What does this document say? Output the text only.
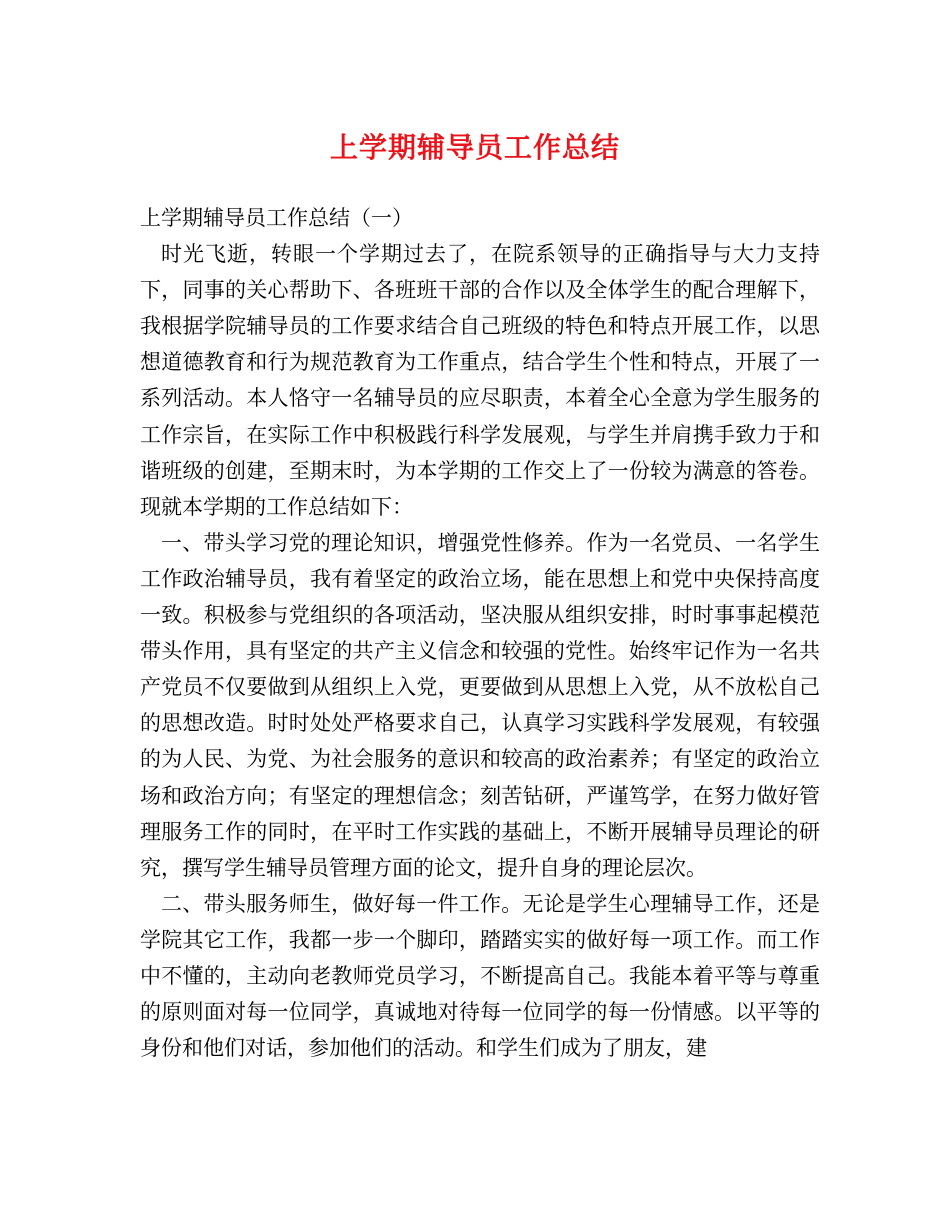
上学期辅导员工作总结

上学期辅导员工作总结（一）

时光飞逝，转眼一个学期过去了，在院系领导的正确指导与大力支持下，同事的关心帮助下、各班班干部的合作以及全体学生的配合理解下，我根据学院辅导员的工作要求结合自己班级的特色和特点开展工作，以思想道德教育和行为规范教育为工作重点，结合学生个性和特点，开展了一系列活动。本人恪守一名辅导员的应尽职责，本着全心全意为学生服务的工作宗旨，在实际工作中积极践行科学发展观，与学生并肩携手致力于和谐班级的创建，至期末时，为本学期的工作交上了一份较为满意的答卷。现就本学期的工作总结如下：

一、带头学习党的理论知识，增强党性修养。作为一名党员、一名学生工作政治辅导员，我有着坚定的政治立场，能在思想上和党中央保持高度一致。积极参与党组织的各项活动，坚决服从组织安排，时时事事起模范带头作用，具有坚定的共产主义信念和较强的党性。始终牢记作为一名共产党员不仅要做到从组织上入党，更要做到从思想上入党，从不放松自己的思想改造。时时处处严格要求自己，认真学习实践科学发展观，有较强的为人民、为党、为社会服务的意识和较高的政治素养；有坚定的政治立场和政治方向；有坚定的理想信念；刻苦钻研，严谨笃学，在努力做好管理服务工作的同时，在平时工作实践的基础上，不断开展辅导员理论的研究，撰写学生辅导员管理方面的论文，提升自身的理论层次。

二、带头服务师生，做好每一件工作。无论是学生心理辅导工作，还是学院其它工作，我都一步一个脚印，踏踏实实的做好每一项工作。而工作中不懂的，主动向老教师党员学习，不断提高自己。我能本着平等与尊重的原则面对每一位同学，真诚地对待每一位同学的每一份情感。以平等的身份和他们对话，参加他们的活动。和学生们成为了朋友，建
